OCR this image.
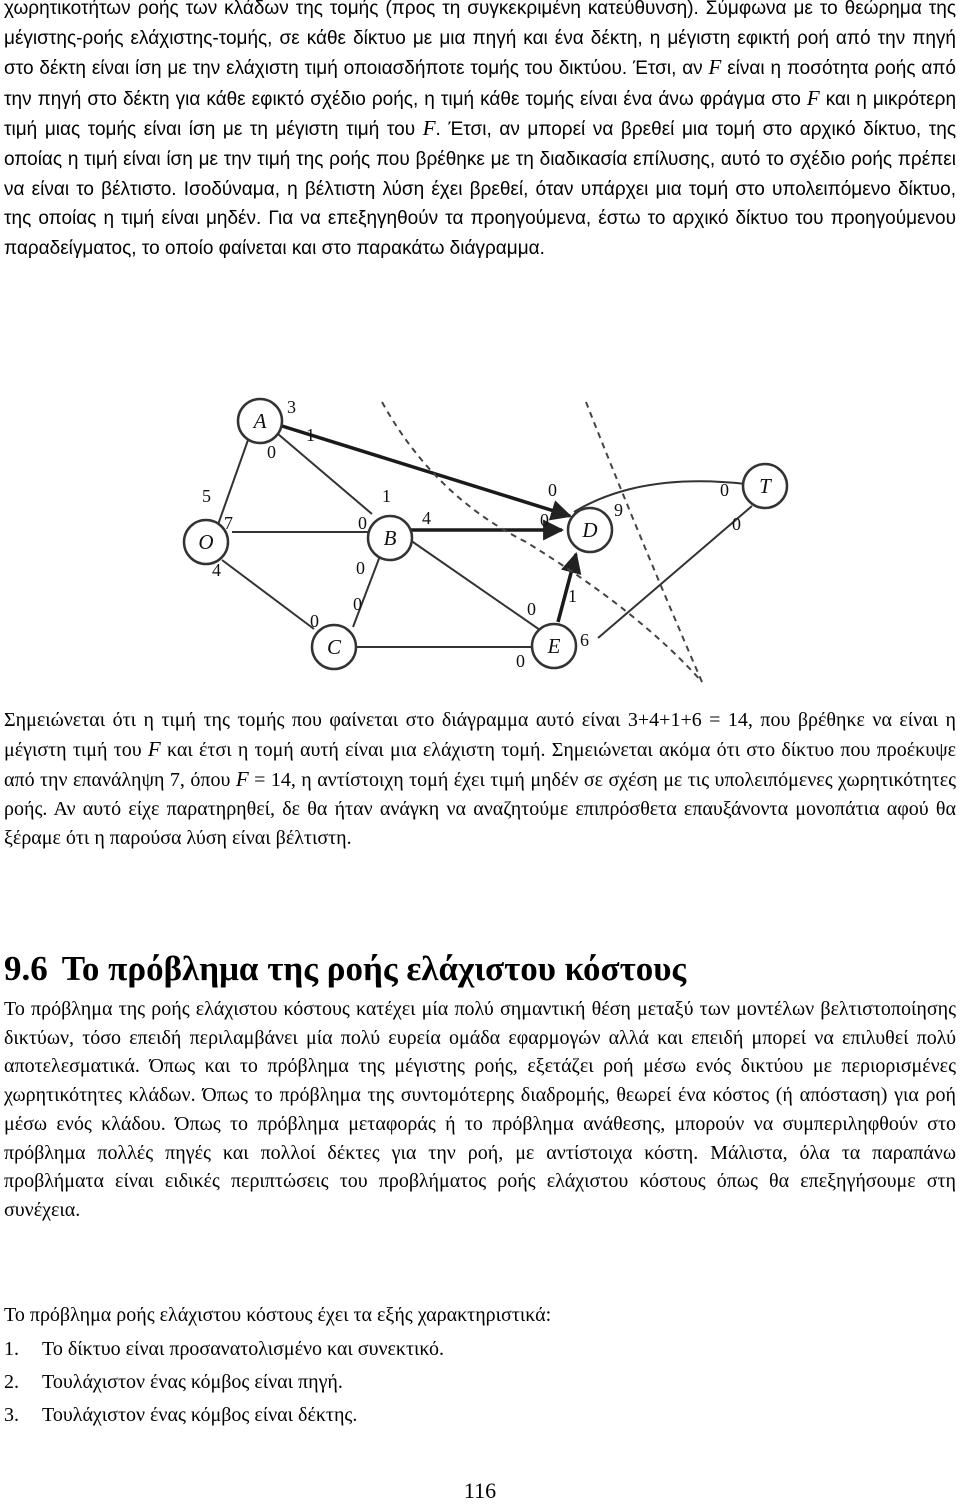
χωρητικοτήτων ροής των κλάδων της τομής (προς τη συγκεκριμένη κατεύθυνση). Σύμφωνα με το θεώρημα της μέγιστης-ροής ελάχιστης-τομής, σε κάθε δίκτυο με μια πηγή και ένα δέκτη, η μέγιστη εφικτή ροή από την πηγή στο δέκτη είναι ίση με την ελάχιστη τιμή οποιασδήποτε τομής του δικτύου. Έτσι, αν F είναι η ποσότητα ροής από την πηγή στο δέκτη για κάθε εφικτό σχέδιο ροής, η τιμή κάθε τομής είναι ένα άνω φράγμα στο F και η μικρότερη τιμή μιας τομής είναι ίση με τη μέγιστη τιμή του F. Έτσι, αν μπορεί να βρεθεί μια τομή στο αρχικό δίκτυο, της οποίας η τιμή είναι ίση με την τιμή της ροής που βρέθηκε με τη διαδικασία επίλυσης, αυτό το σχέδιο ροής πρέπει να είναι το βέλτιστο. Ισοδύναμα, η βέλτιστη λύση έχει βρεθεί, όταν υπάρχει μια τομή στο υπολειπόμενο δίκτυο, της οποίας η τιμή είναι μηδέν. Για να επεξηγηθούν τα προηγούμενα, έστω το αρχικό δίκτυο του προηγούμενου παραδείγματος, το οποίο φαίνεται και στο παρακάτω διάγραμμα.

O
A
B
C
D
E
T
3
0
1
0
0
4
1
0	9
0
5
7	0
0
4
0
0
0
6
1
0

Σημειώνεται ότι η τιμή της τομής που φαίνεται στο διάγραμμα αυτό είναι 3+4+1+6 = 14, που βρέθηκε να είναι η μέγιστη τιμή του F και έτσι η τομή αυτή είναι μια ελάχιστη τομή. Σημειώνεται ακόμα ότι στο δίκτυο που προέκυψε από την επανάληψη 7, όπου F = 14, η αντίστοιχη τομή έχει τιμή μηδέν σε σχέση με τις υπολειπόμενες χωρητικότητες ροής. Αν αυτό είχε παρατηρηθεί, δε θα ήταν ανάγκη να αναζητούμε επιπρόσθετα επαυξάνοντα μονοπάτια αφού θα ξέραμε ότι η παρούσα λύση είναι βέλτιστη.

9.6 Το πρόβλημα της ροής ελάχιστου κόστους

Το πρόβλημα της ροής ελάχιστου κόστους κατέχει μία πολύ σημαντική θέση μεταξύ των μοντέλων βελτιστοποίησης δικτύων, τόσο επειδή περιλαμβάνει μία πολύ ευρεία ομάδα εφαρμογών αλλά και επειδή μπορεί να επιλυθεί πολύ αποτελεσματικά. Όπως και το πρόβλημα της μέγιστης ροής, εξετάζει ροή μέσω ενός δικτύου με περιορισμένες χωρητικότητες κλάδων. Όπως το πρόβλημα της συντομότερης διαδρομής, θεωρεί ένα κόστος (ή απόσταση) για ροή μέσω ενός κλάδου. Όπως το πρόβλημα μεταφοράς ή το πρόβλημα ανάθεσης, μπορούν να συμπεριληφθούν στο πρόβλημα πολλές πηγές και πολλοί δέκτες για την ροή, με αντίστοιχα κόστη. Μάλιστα, όλα τα παραπάνω προβλήματα είναι ειδικές περιπτώσεις του προβλήματος ροής ελάχιστου κόστους όπως θα επεξηγήσουμε στη συνέχεια.

Το πρόβλημα ροής ελάχιστου κόστους έχει τα εξής χαρακτηριστικά:

1. Το δίκτυο είναι προσανατολισμένο και συνεκτικό.
2. Τουλάχιστον ένας κόμβος είναι πηγή.
3. Τουλάχιστον ένας κόμβος είναι δέκτης.
116
